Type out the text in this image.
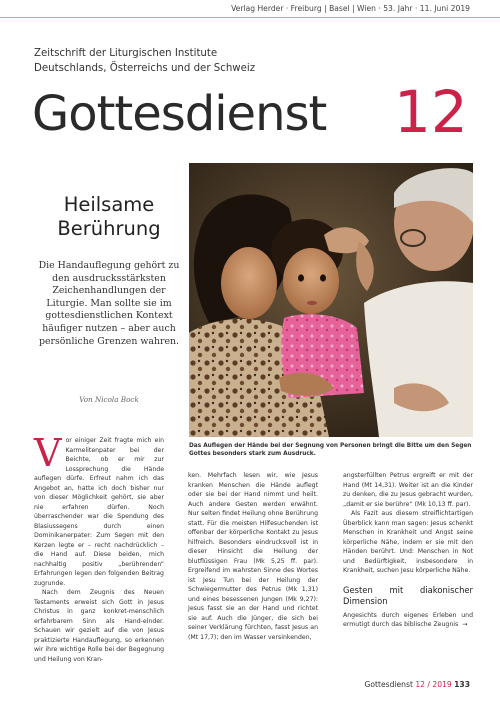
Verlag Herder · Freiburg | Basel | Wien · 53. Jahr · 11. Juni 2019
Zeitschrift der Liturgischen Institute
Deutschlands, Österreichs und der Schweiz
Gottesdienst 12
Heilsame
Berührung
Die Handauflegung gehört zu den ausdrucksstärksten Zeichenhandlungen der Liturgie. Man sollte sie im gottesdienstlichen Kontext häufiger nutzen – aber auch persönliche Grenzen wahren.
Von Nicola Bock
Das Auflegen der Hände bei der Segnung von Personen bringt die Bitte um den Segen Gottes besonders stark zum Ausdruck.

Vor einiger Zeit fragte mich ein Karmelitenpater bei der Beichte, ob er mir zur Lossprechung die Hände auflegen dürfe. Erfreut nahm ich das Angebot an, hatte ich doch bisher nur von dieser Möglichkeit gehört, sie aber nie erfahren dürfen. Noch überraschender war die Spendung des Blasiussegens durch einen Dominikanerpater: Zum Segen mit den Kerzen legte er – recht nachdrücklich – die Hand auf. Diese beiden, mich nachhaltig positiv „berührenden“ Erfahrungen legen den folgenden Beitrag zugrunde.

Nach dem Zeugnis des Neuen Testaments erweist sich Gott in Jesus Christus in ganz konkret-menschlich erfahrbarem Sinn als Hand-elnder. Schauen wir gezielt auf die von Jesus praktizierte Handauflegung, so erkennen wir ihre wichtige Rolle bei der Begegnung und Heilung von Kran-

ken. Mehrfach lesen wir, wie Jesus kranken Menschen die Hände auflegt oder sie bei der Hand nimmt und heilt. Auch andere Gesten werden erwähnt. Nur selten findet Heilung ohne Berührung statt. Für die meisten Hilfesuchenden ist offenbar der körperliche Kontakt zu Jesus hilfreich. Besonders eindrucksvoll ist in dieser Hinsicht die Heilung der blutflüssigen Frau (Mk 5,25 ff. par). Ergreifend im wahrsten Sinne des Wortes ist Jesu Tun bei der Heilung der Schwiegermutter des Petrus (Mk 1,31) und eines besessenen Jungen (Mk 9,27): Jesus fasst sie an der Hand und richtet sie auf. Auch die Jünger, die sich bei seiner Verklärung fürchten, fasst Jesus an (Mt 17,7); den im Wasser versinkenden,

angsterfüllten Petrus ergreift er mit der Hand (Mt 14,31). Weiter ist an die Kinder zu denken, die zu Jesus gebracht wurden, „damit er sie berühre“ (Mk 10,13 ff. par).

Als Fazit aus diesem streiflichtartigen Überblick kann man sagen: Jesus schenkt Menschen in Krankheit und Angst seine körperliche Nähe, indem er sie mit den Händen berührt. Und: Menschen in Not und Bedürftigkeit, insbesondere in Krankheit, suchen Jesu körperliche Nähe.

Gesten mit diakonischer Dimension

Angesichts durch eigenes Erleben und ermutigt durch das biblische Zeugnis →

Gottesdienst 12 / 2019 133
